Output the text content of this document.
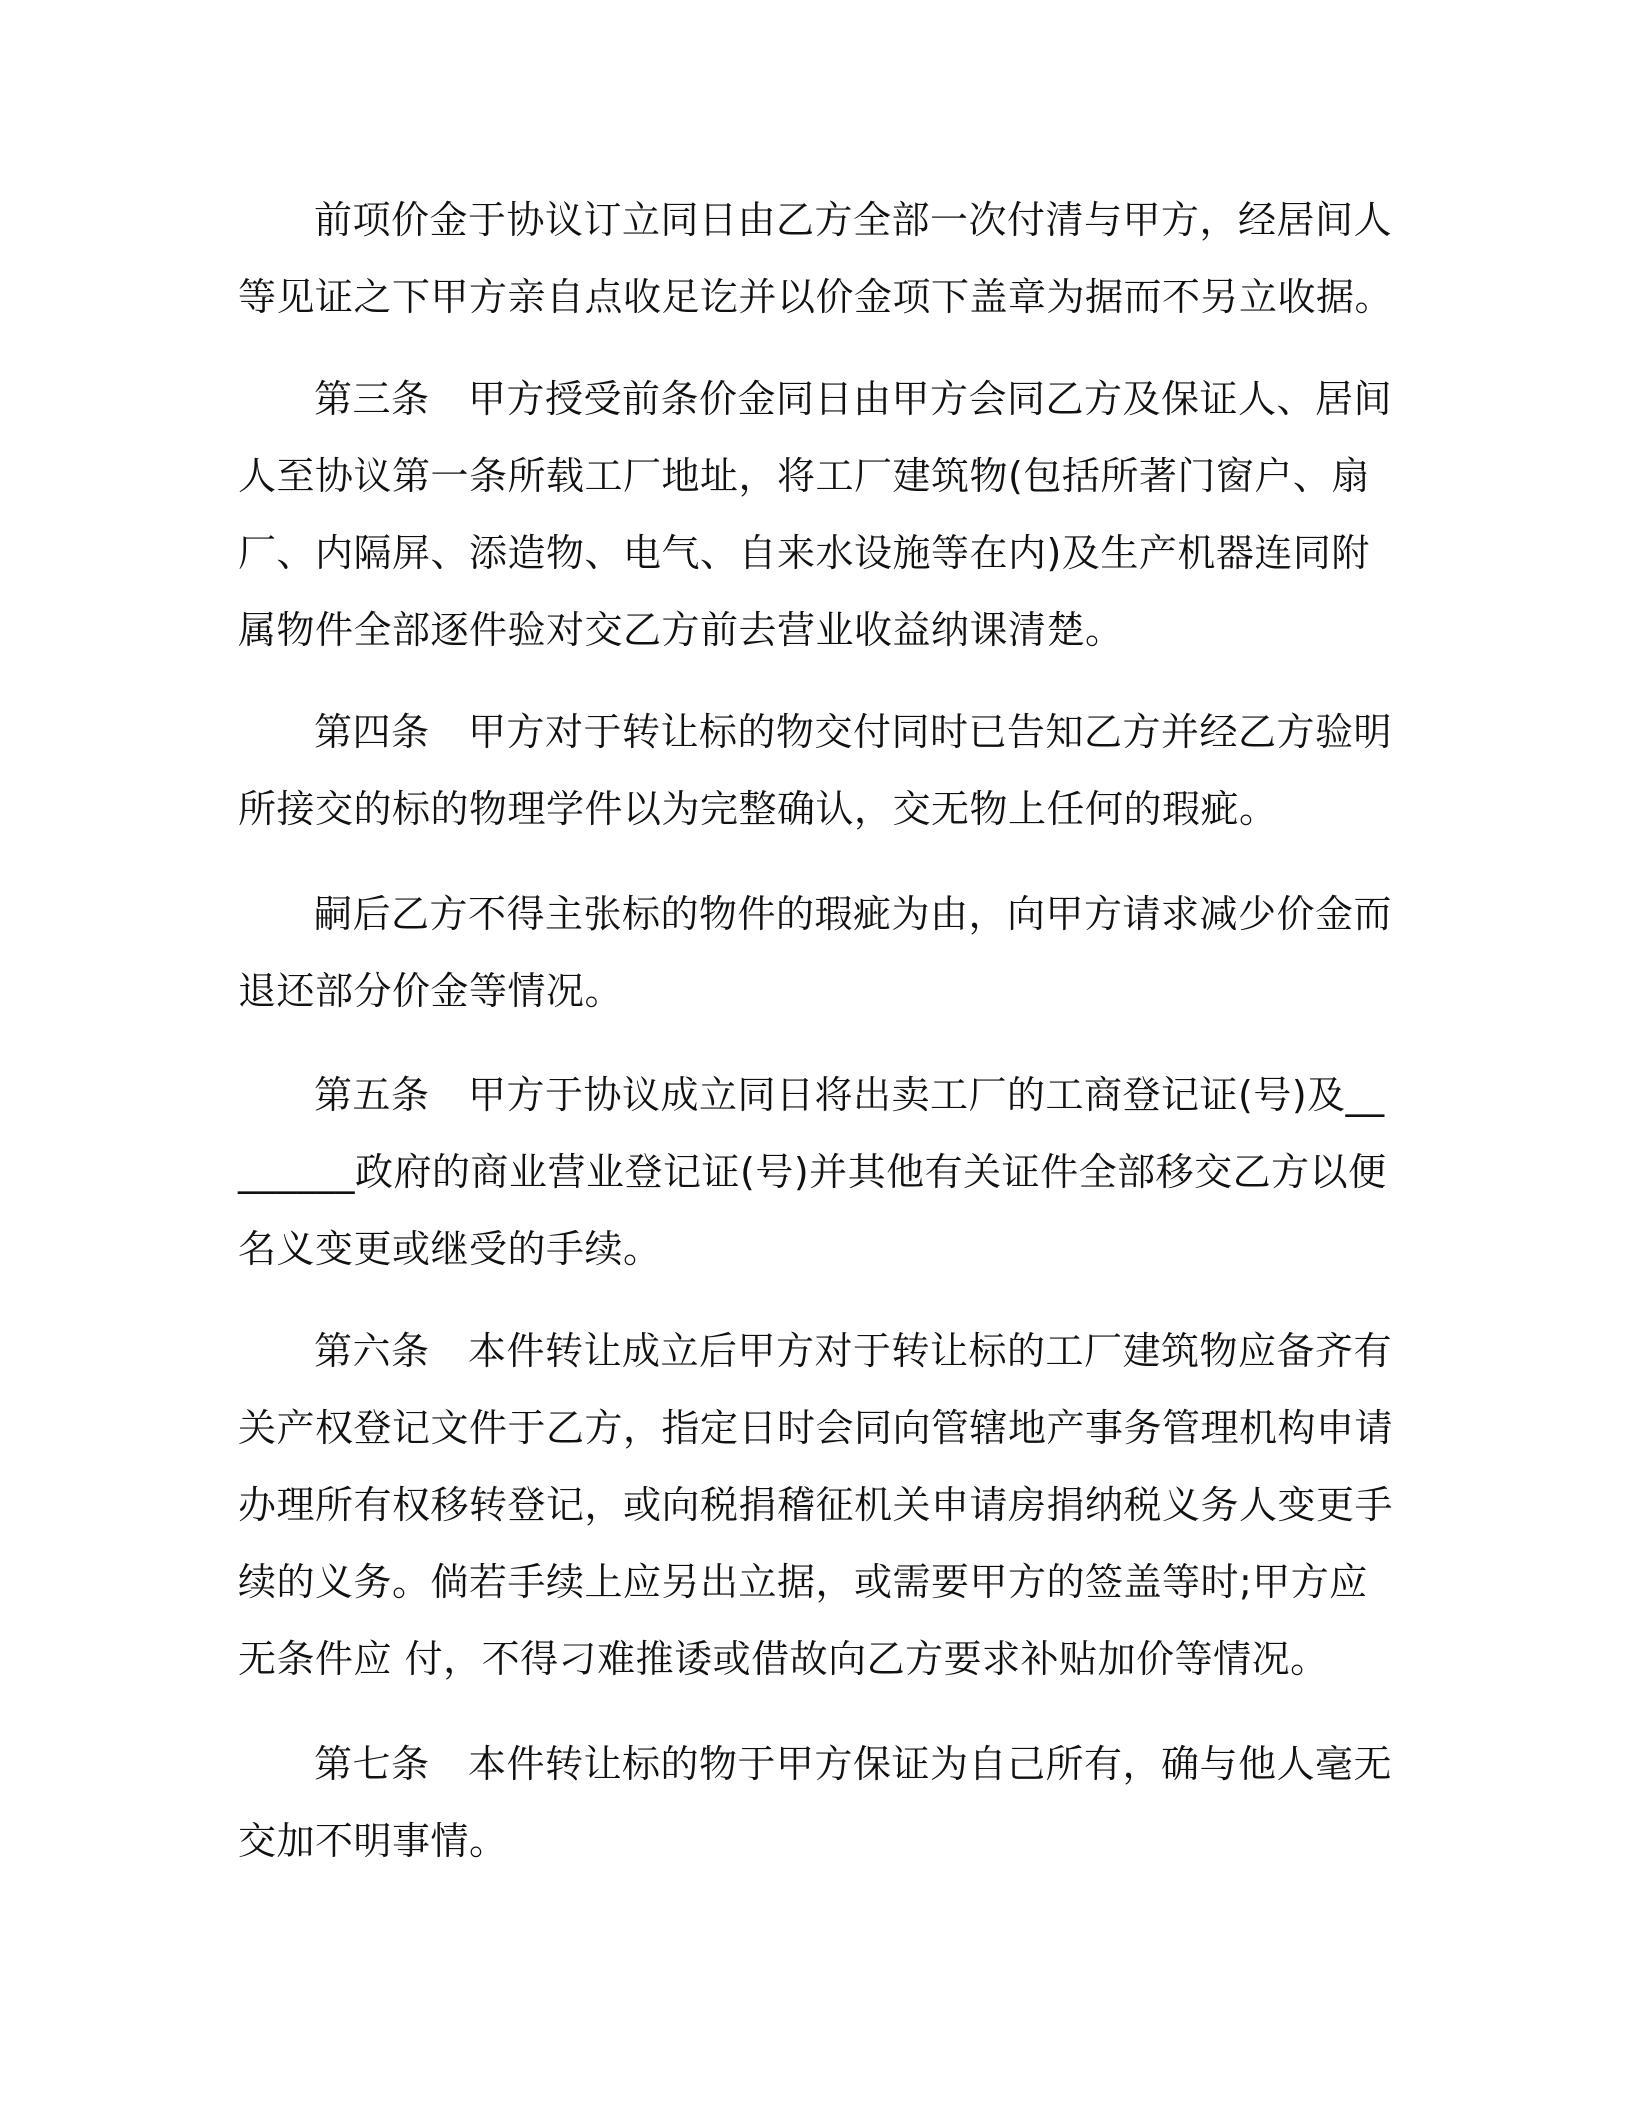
前项价金于协议订立同日由乙方全部一次付清与甲方，经居间人等见证之下甲方亲自点收足讫并以价金项下盖章为据而不另立收据。

第三条　甲方授受前条价金同日由甲方会同乙方及保证人、居间人至协议第一条所载工厂地址，将工厂建筑物(包括所著门窗户、扇厂、内隔屏、添造物、电气、自来水设施等在内)及生产机器连同附属物件全部逐件验对交乙方前去营业收益纳课清楚。

第四条　甲方对于转让标的物交付同时已告知乙方并经乙方验明所接交的标的物理学件以为完整确认，交无物上任何的瑕疵。

嗣后乙方不得主张标的物件的瑕疵为由，向甲方请求减少价金而退还部分价金等情况。

第五条　甲方于协议成立同日将出卖工厂的工商登记证(号)及________政府的商业营业登记证(号)并其他有关证件全部移交乙方以便名义变更或继受的手续。

第六条　本件转让成立后甲方对于转让标的工厂建筑物应备齐有关产权登记文件于乙方，指定日时会同向管辖地产事务管理机构申请办理所有权移转登记，或向税捐稽征机关申请房捐纳税义务人变更手续的义务。倘若手续上应另出立据，或需要甲方的签盖等时;甲方应无条件应 付，不得刁难推诿或借故向乙方要求补贴加价等情况。

第七条　本件转让标的物于甲方保证为自己所有，确与他人毫无交加不明事情。
